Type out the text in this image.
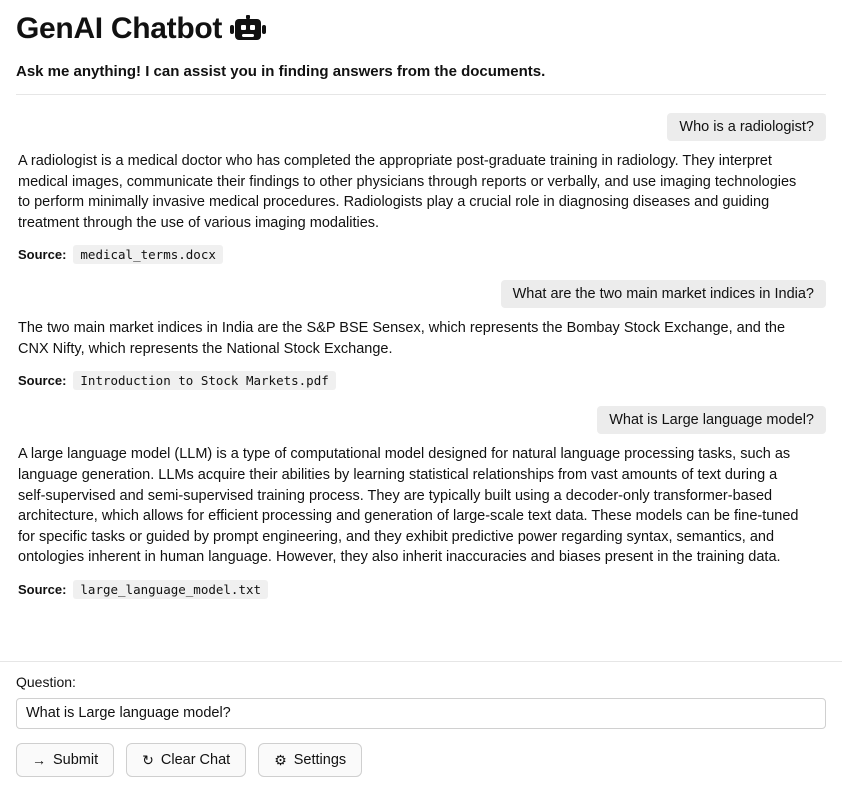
GenAI Chatbot
Ask me anything! I can assist you in finding answers from the documents.
Who is a radiologist?
A radiologist is a medical doctor who has completed the appropriate post-graduate training in radiology. They interpret medical images, communicate their findings to other physicians through reports or verbally, and use imaging technologies to perform minimally invasive medical procedures. Radiologists play a crucial role in diagnosing diseases and guiding treatment through the use of various imaging modalities.
Source:	medical_terms.docx
What are the two main market indices in India?
The two main market indices in India are the S&P BSE Sensex, which represents the Bombay Stock Exchange, and the CNX Nifty, which represents the National Stock Exchange.
Source:	Introduction to Stock Markets.pdf
What is Large language model?
A large language model (LLM) is a type of computational model designed for natural language processing tasks, such as language generation. LLMs acquire their abilities by learning statistical relationships from vast amounts of text during a self-supervised and semi-supervised training process. They are typically built using a decoder-only transformer-based architecture, which allows for efficient processing and generation of large-scale text data. These models can be fine-tuned for specific tasks or guided by prompt engineering, and they exhibit predictive power regarding syntax, semantics, and ontologies inherent in human language. However, they also inherit inaccuracies and biases present in the training data.
Source:	large_language_model.txt
Question:
What is Large language model?
→ Submit	↻ Clear Chat	⚙ Settings
